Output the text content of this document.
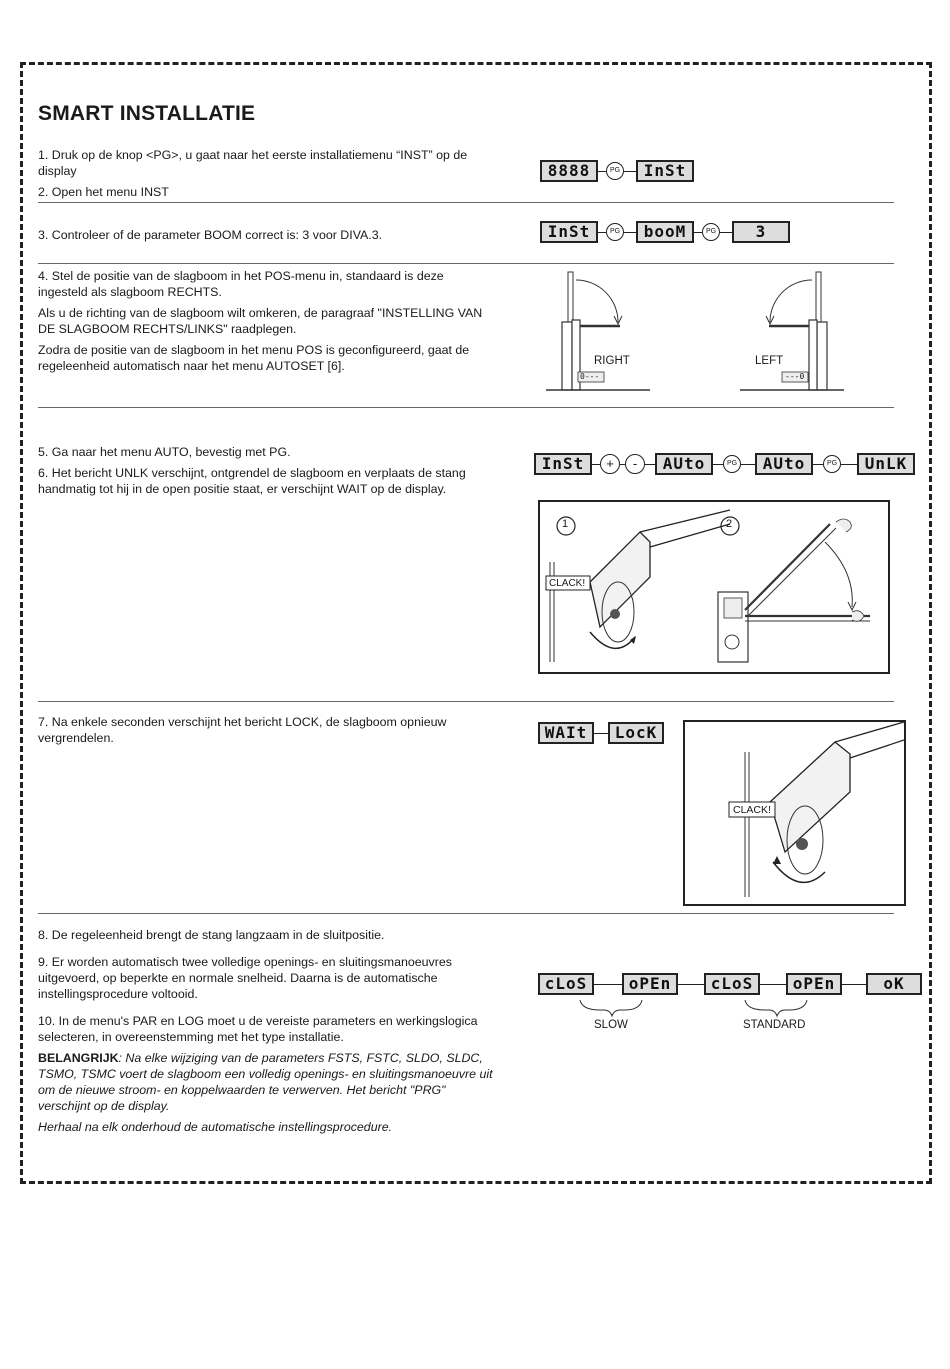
SMART INSTALLATIE

1. Druk op de knop <PG>, u gaat naar het eerste installatiemenu “INST” op de display

2. Open het menu INST

8888	PG	InSt

3. Controleer of de parameter BOOM correct is: 3 voor DIVA.3.	InSt	PG	booM	PG	3

4. Stel de positie van de slagboom in het POS-menu in, standaard is deze ingesteld als slagboom RECHTS.

Als u de richting van de slagboom wilt omkeren, de paragraaf "INSTELLING VAN DE SLAGBOOM RECHTS/LINKS" raadplegen.

Zodra de positie van de slagboom in het menu POS is geconfigureerd, gaat de regeleenheid automatisch naar het menu AUTOSET [6].	RIGHT	LEFT
0---	---0

5. Ga naar het menu AUTO, bevestig met PG.

6. Het bericht UNLK verschijnt, ontgrendel de slagboom en verplaats de stang handmatig tot hij in de open positie staat, er verschijnt WAIT op de display.

InSt	+	-	AUto	PG	AUto	PG	UnLK
1	2
CLACK!

7. Na enkele seconden verschijnt het bericht LOCK, de slagboom opnieuw vergrendelen.	WAIt	LocK
CLACK!

8. De regeleenheid brengt de stang langzaam in de sluitpositie.

9. Er worden automatisch twee volledige openings- en sluitingsmanoeuvres uitgevoerd, op beperkte en normale snelheid. Daarna is de automatische instellingsprocedure voltooid.

10. In de menu's PAR en LOG moet u de vereiste parameters en werkingslogica selecteren, in overeenstemming met het type installatie.

BELANGRIJK: Na elke wijziging van de parameters FSTS, FSTC, SLDO, SLDC, TSMO, TSMC voert de slagboom een volledig openings- en sluitingsmanoeuvre uit om de nieuwe stroom- en koppelwaarden te verwerven. Het bericht "PRG" verschijnt op de display.

Herhaal na elk onderhoud de automatische instellingsprocedure.

cLoS	oPEn	cLoS	oPEn	oK
SLOW	STANDARD
